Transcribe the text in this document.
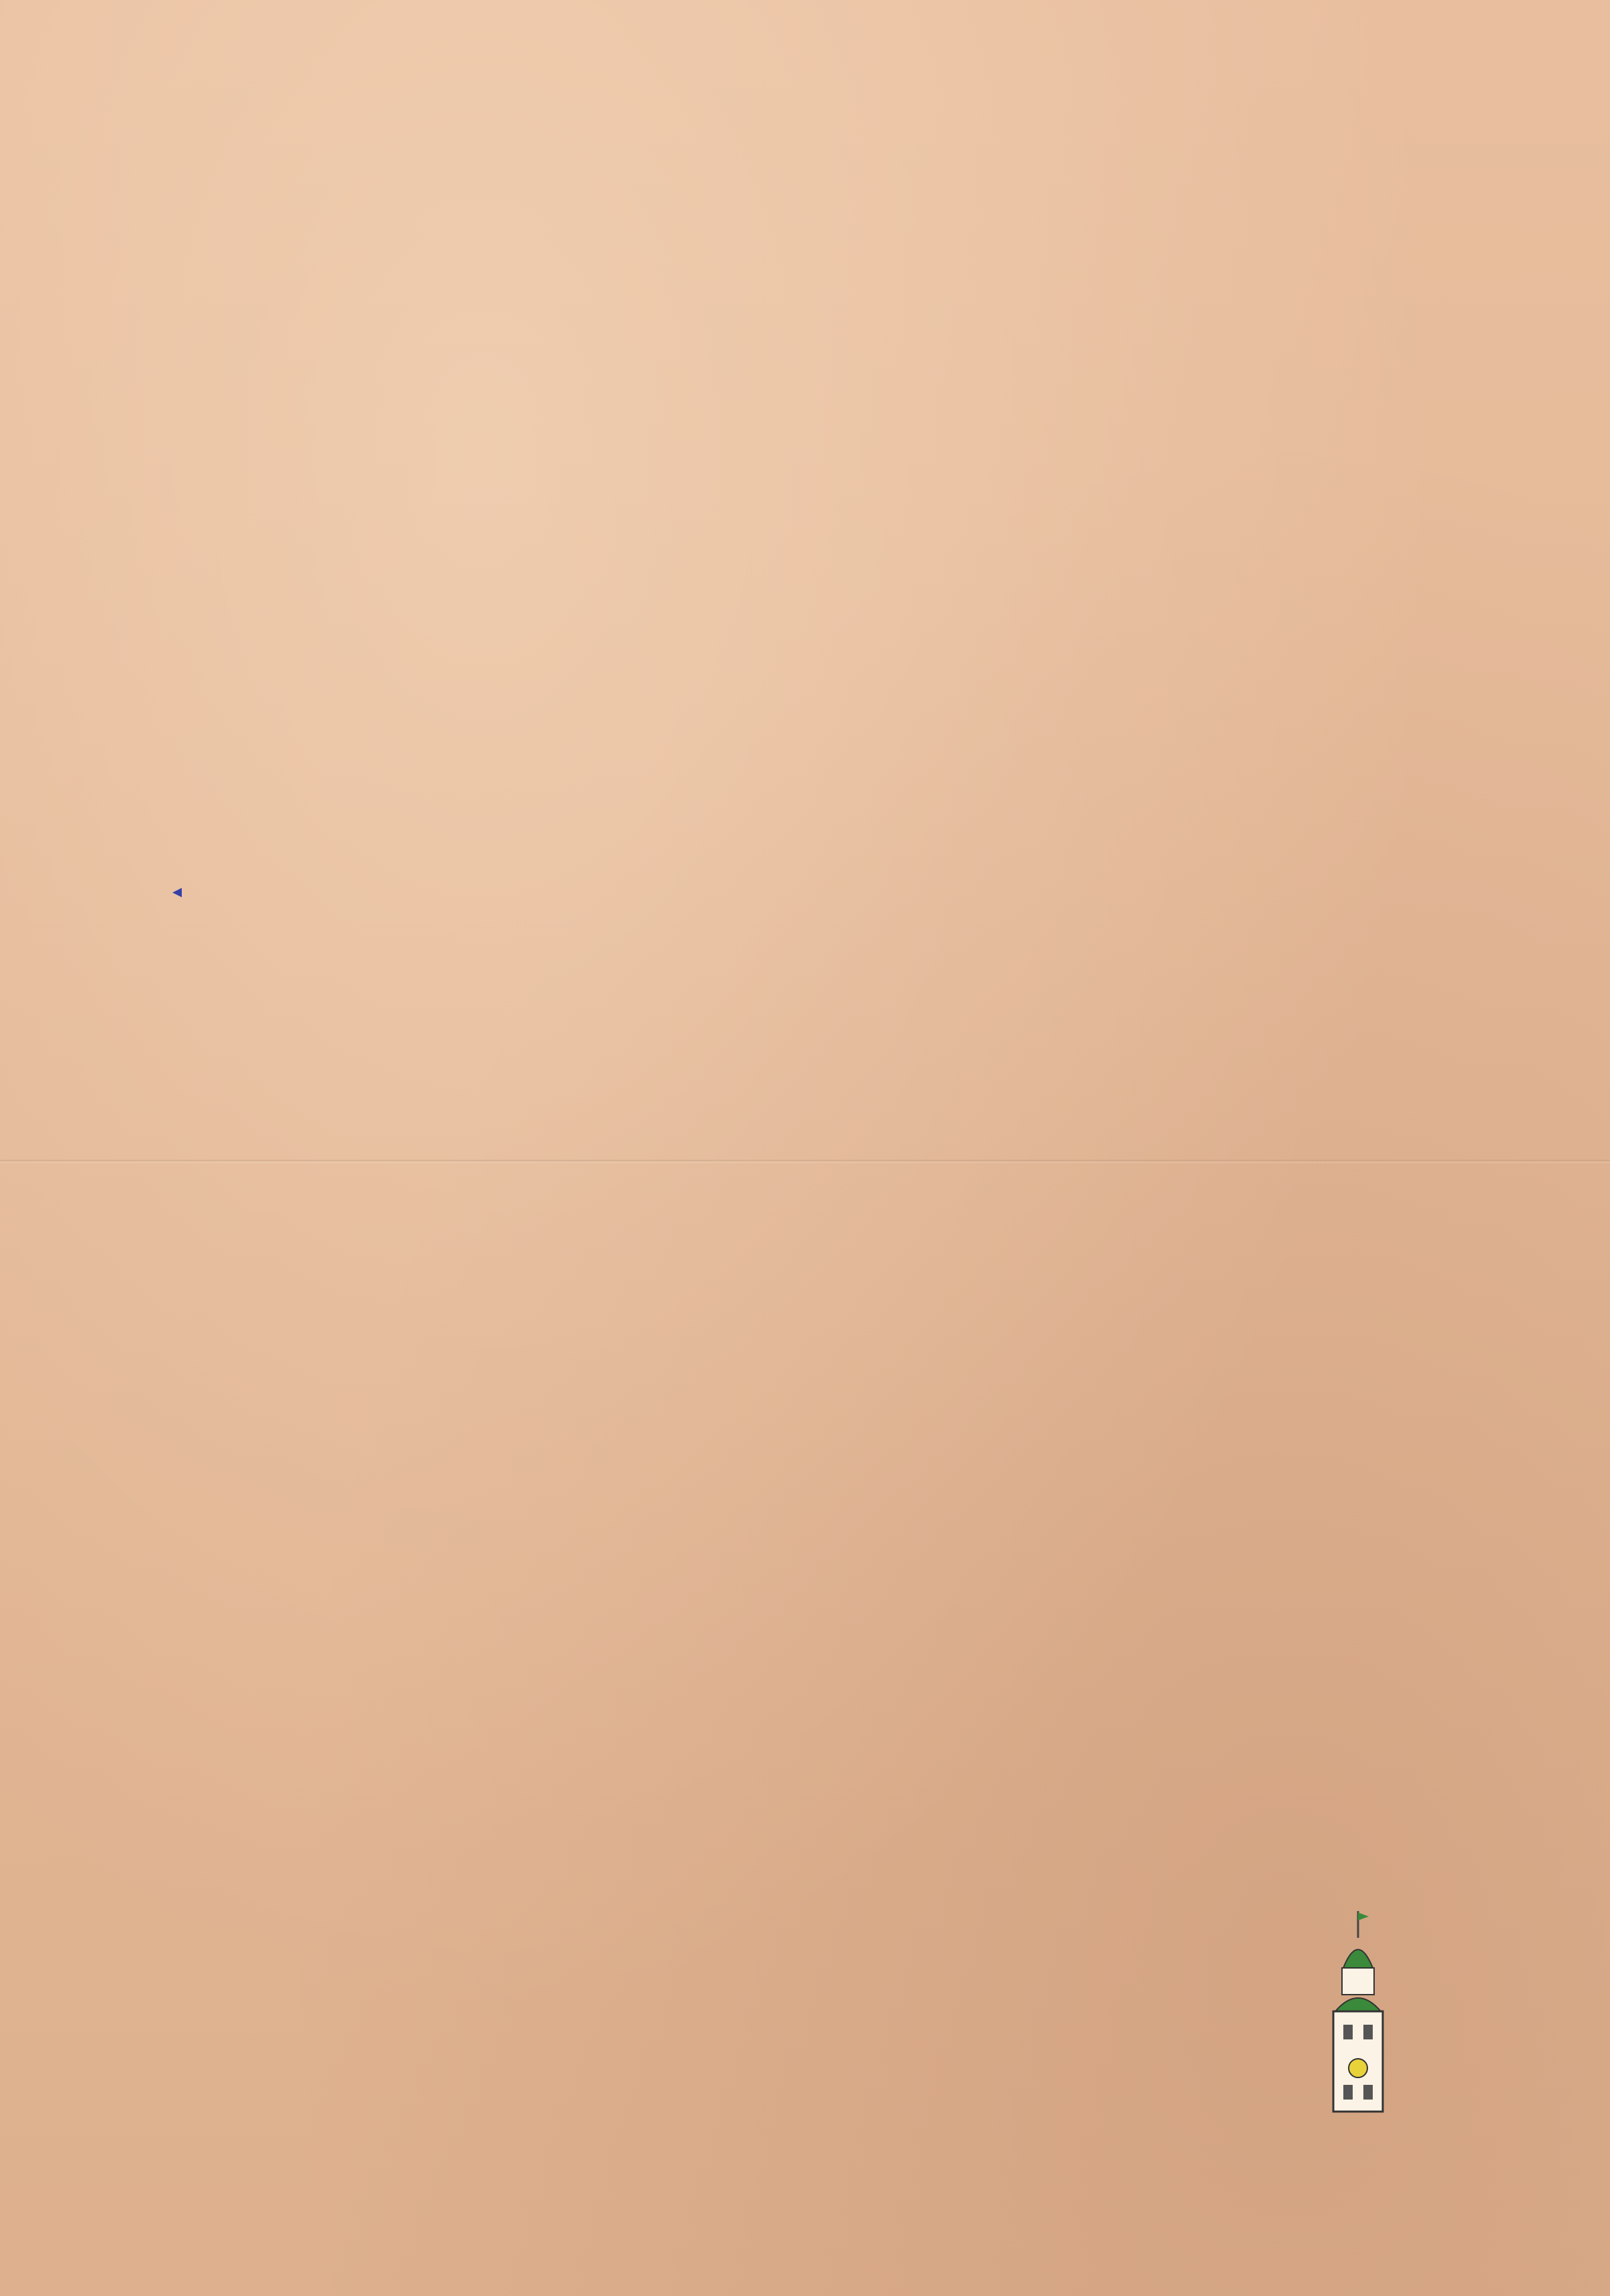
◂
